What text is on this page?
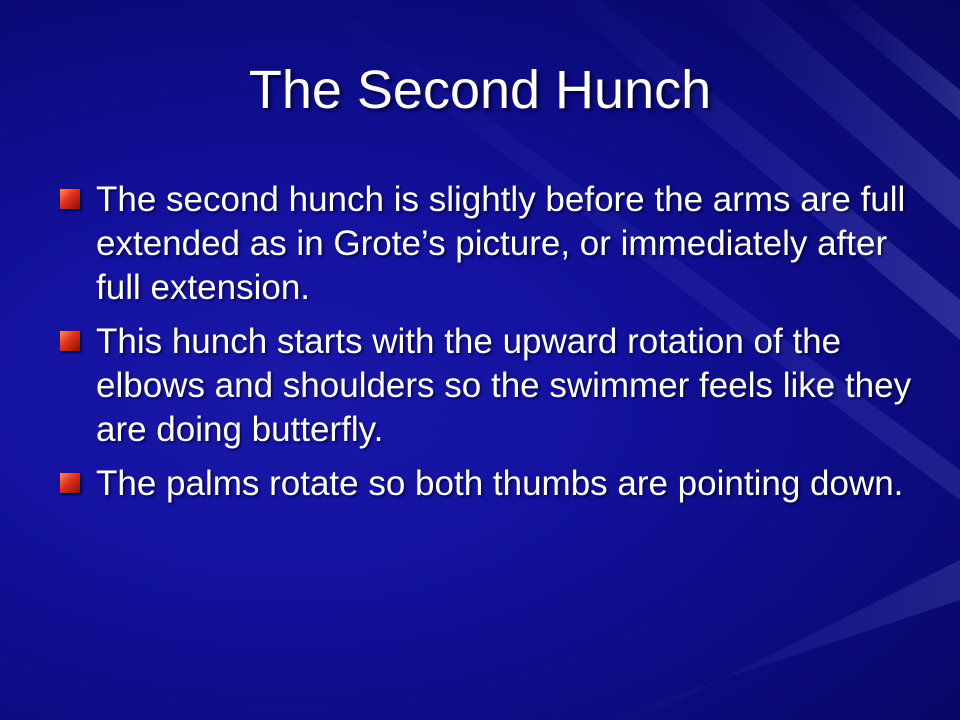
The Second Hunch
The second hunch is slightly before the arms are full extended as in Grote’s picture, or immediately after full extension.
This hunch starts with the upward rotation of the elbows and shoulders so the swimmer feels like they are doing butterfly.
The palms rotate so both thumbs are pointing down.
